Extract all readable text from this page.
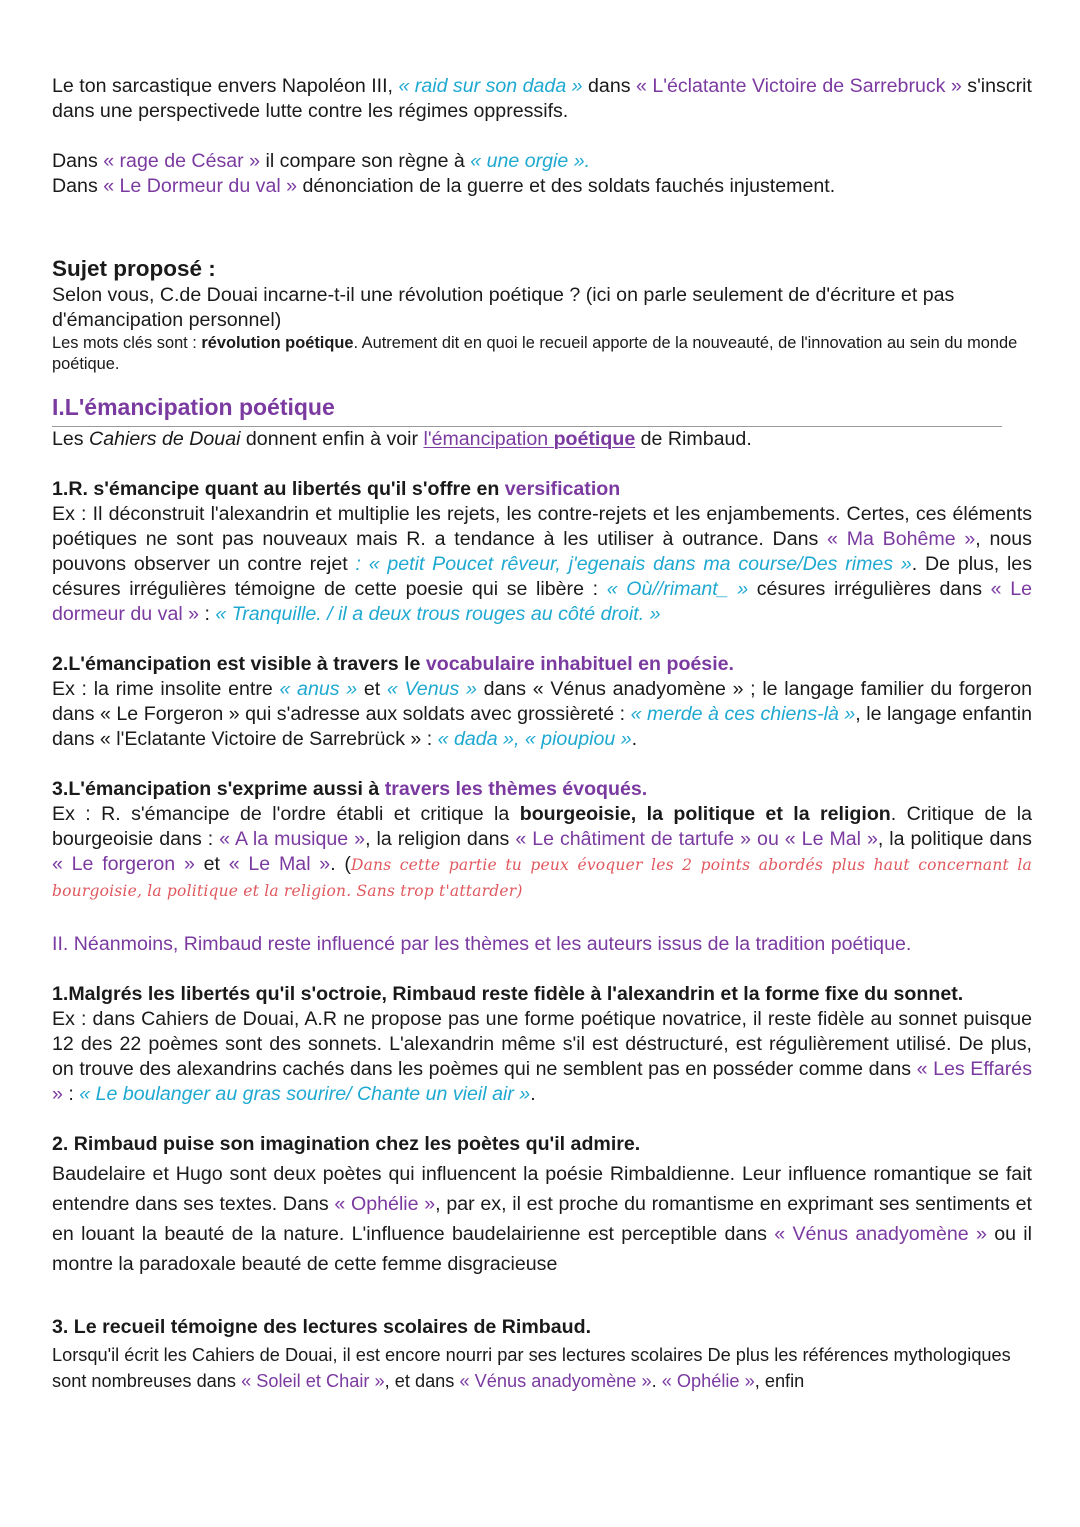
Le ton sarcastique envers Napoléon III, « raid sur son dada » dans « L'éclatante Victoire de Sarrebruck » s'inscrit dans une perspectivede lutte contre les régimes oppressifs.

Dans « rage de César » il compare son règne à « une orgie ».

Dans « Le Dormeur du val » dénonciation de la guerre et des soldats fauchés injustement.

Sujet proposé :

Selon vous, C.de Douai incarne-t-il une révolution poétique ? (ici on parle seulement de d'écriture et pas d'émancipation personnel)

Les mots clés sont : révolution poétique. Autrement dit en quoi le recueil apporte de la nouveauté, de l'innovation au sein du monde poétique.

I.L'émancipation poétique

Les Cahiers de Douai donnent enfin à voir l'émancipation poétique de Rimbaud.

1.R. s'émancipe quant au libertés qu'il s'offre en versification

Ex : Il déconstruit l'alexandrin et multiplie les rejets, les contre-rejets et les enjambements. Certes, ces éléments poétiques ne sont pas nouveaux mais R. a tendance à les utiliser à outrance. Dans « Ma Bohême », nous pouvons observer un contre rejet : « petit Poucet rêveur, j'egenais dans ma course/Des rimes ». De plus, les césures irrégulières témoigne de cette poesie qui se libère : « Où//rimant_ » césures irrégulières dans « Le dormeur du val » : « Tranquille. / il a deux trous rouges au côté droit. »

2.L'émancipation est visible à travers le vocabulaire inhabituel en poésie.

Ex : la rime insolite entre « anus » et « Venus » dans « Vénus anadyomène » ; le langage familier du forgeron dans « Le Forgeron » qui s'adresse aux soldats avec grossièreté : « merde à ces chiens-là », le langage enfantin dans « l'Eclatante Victoire de Sarrebrück » : « dada », « pioupiou ».

3.L'émancipation s'exprime aussi à travers les thèmes évoqués.

Ex : R. s'émancipe de l'ordre établi et critique la bourgeoisie, la politique et la religion. Critique de la bourgeoisie dans : « A la musique », la religion dans « Le châtiment de tartufe » ou « Le Mal », la politique dans « Le forgeron » et « Le Mal ». (Dans cette partie tu peux évoquer les 2 points abordés plus haut concernant la bourgoisie, la politique et la religion. Sans trop t'attarder)

II. Néanmoins, Rimbaud reste influencé par les thèmes et les auteurs issus de la tradition poétique.

1.Malgrés les libertés qu'il s'octroie, Rimbaud reste fidèle à l'alexandrin et la forme fixe du sonnet.

Ex : dans Cahiers de Douai, A.R ne propose pas une forme poétique novatrice, il reste fidèle au sonnet puisque 12 des 22 poèmes sont des sonnets. L'alexandrin même s'il est déstructuré, est régulièrement utilisé. De plus, on trouve des alexandrins cachés dans les poèmes qui ne semblent pas en posséder comme dans « Les Effarés » : « Le boulanger au gras sourire/ Chante un vieil air ».

2. Rimbaud puise son imagination chez les poètes qu'il admire.

Baudelaire et Hugo sont deux poètes qui influencent la poésie Rimbaldienne. Leur influence romantique se fait entendre dans ses textes. Dans « Ophélie », par ex, il est proche du romantisme en exprimant ses sentiments et en louant la beauté de la nature. L'influence baudelairienne est perceptible dans « Vénus anadyomène » ou il montre la paradoxale beauté de cette femme disgracieuse

3. Le recueil témoigne des lectures scolaires de Rimbaud.

Lorsqu'il écrit les Cahiers de Douai, il est encore nourri par ses lectures scolaires De plus les références mythologiques sont nombreuses dans « Soleil et Chair », et dans « Vénus anadyomène ». « Ophélie », enfin
